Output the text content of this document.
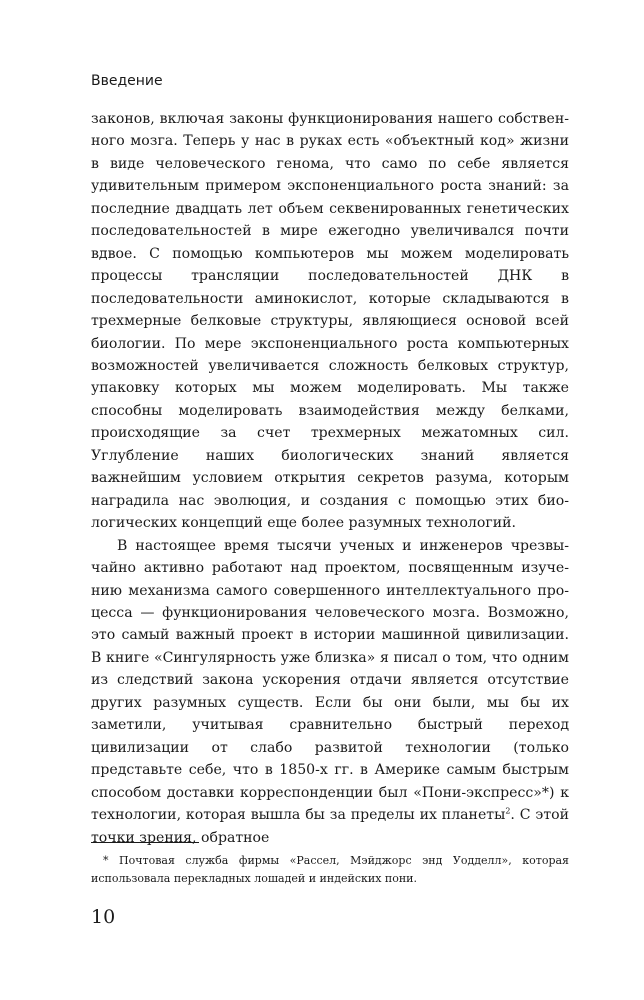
Введение

законов, включая законы функционирования нашего собственного мозга. Теперь у нас в руках есть «объектный код» жизни в виде человеческого генома, что само по себе является удивительным примером экспоненциального роста знаний: за последние двадцать лет объем секвенированных генетических последовательностей в мире ежегодно увеличивался почти вдвое. С помощью компьютеров мы можем моделировать процессы трансляции последовательностей ДНК в последовательности аминокислот, которые складываются в трехмерные белковые структуры, являющиеся основой всей биологии. По мере экспоненциального роста компьютерных возможностей увеличивается сложность белковых структур, упаковку которых мы можем моделировать. Мы также способны моделировать взаимодействия между белками, происходящие за счет трехмерных межатомных сил. Углубление наших биологических знаний является важнейшим условием открытия секретов разума, которым наградила нас эволюция, и создания с помощью этих биологических концепций еще более разумных технологий.

В настоящее время тысячи ученых и инженеров чрезвычайно активно работают над проектом, посвященным изучению механизма самого совершенного интеллектуального процесса — функционирования человеческого мозга. Возможно, это самый важный проект в истории машинной цивилизации. В книге «Сингулярность уже близка» я писал о том, что одним из следствий закона ускорения отдачи является отсутствие других разумных существ. Если бы они были, мы бы их заметили, учитывая сравнительно быстрый переход цивилизации от слабо развитой технологии (только представьте себе, что в 1850-х гг. в Америке самым быстрым способом доставки корреспонденции был «Пони-экспресс»*) к технологии, которая вышла бы за пределы их планеты$^2$. С этой точки зрения, обратное

* Почтовая служба фирмы «Рассел, Мэйджорс энд Уодделл», которая использовала перекладных лошадей и индейских пони.
10
